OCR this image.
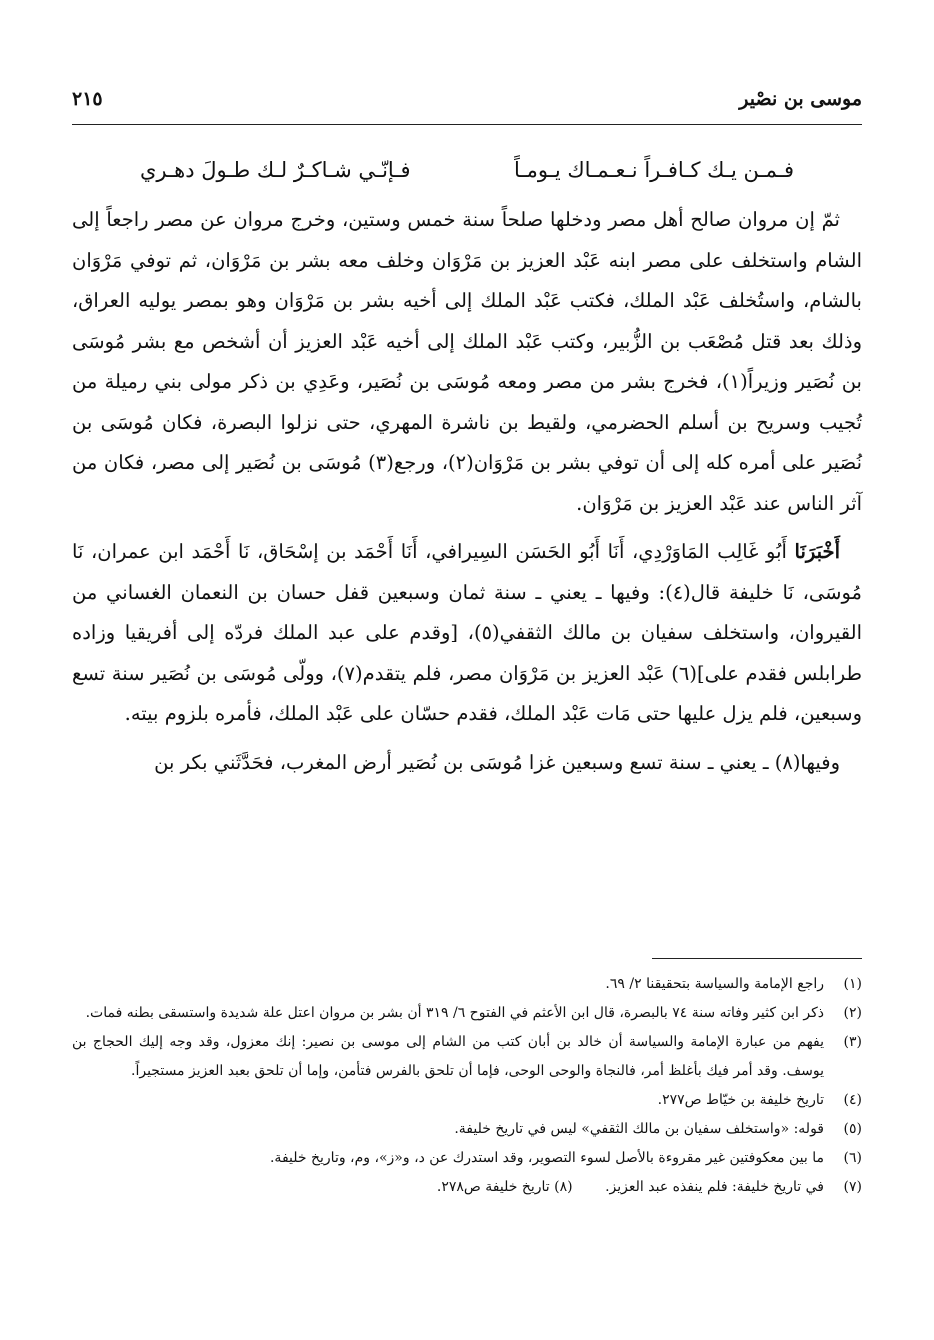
موسى بن نصْير
٢١٥
فـمـن يـك كـافـراً نـعـمـاك يـومـاً
فـإنّـي شـاكـرٌ لـك طـولَ دهـري

ثمّ إن مروان صالح أهل مصر ودخلها صلحاً سنة خمس وستين، وخرج مروان عن مصر راجعاً إلى الشام واستخلف على مصر ابنه عَبْد العزيز بن مَرْوَان وخلف معه بشر بن مَرْوَان، ثم توفي مَرْوَان بالشام، واستُخلف عَبْد الملك، فكتب عَبْد الملك إلى أخيه بشر بن مَرْوَان وهو بمصر يوليه العراق، وذلك بعد قتل مُصْعَب بن الزُّبير، وكتب عَبْد الملك إلى أخيه عَبْد العزيز أن أشخص مع بشر مُوسَى بن نُصَير وزيراً(١)، فخرج بشر من مصر ومعه مُوسَى بن نُصَير، وعَدِي بن ذكر مولى بني رميلة من تُجيب وسريح بن أسلم الحضرمي، ولقيط بن ناشرة المهري، حتى نزلوا البصرة، فكان مُوسَى بن نُصَير على أمره كله إلى أن توفي بشر بن مَرْوَان(٢)، ورجع(٣) مُوسَى بن نُصَير إلى مصر، فكان من آثر الناس عند عَبْد العزيز بن مَرْوَان.

أَخْبَرَنَا أَبُو غَالِب المَاوَرْدِي، أَنَا أَبُو الحَسَن السِيرافي، أَنَا أَحْمَد بن إسْحَاق، نَا أَحْمَد ابن عمران، نَا مُوسَى، نَا خليفة قال(٤): وفيها ـ يعني ـ سنة ثمان وسبعين قفل حسان بن النعمان الغساني من القيروان، واستخلف سفيان بن مالك الثقفي(٥)، [وقدم على عبد الملك فردّه إلى أفريقيا وزاده طرابلس فقدم على](٦) عَبْد العزيز بن مَرْوَان مصر، فلم يتقدم(٧)، وولّى مُوسَى بن نُصَير سنة تسع وسبعين، فلم يزل عليها حتى مَات عَبْد الملك، فقدم حسّان على عَبْد الملك، فأمره بلزوم بيته.

وفيها(٨) ـ يعني ـ سنة تسع وسبعين غزا مُوسَى بن نُصَير أرض المغرب، فحَدَّثَني بكر بن

(١)
راجع الإمامة والسياسة بتحقيقنا ٢/ ٦٩.
(٢)
ذكر ابن كثير وفاته سنة ٧٤ بالبصرة، قال ابن الأعثم في الفتوح ٦/ ٣١٩ أن بشر بن مروان اعتل علة شديدة واستسقى بطنه فمات.
(٣)
يفهم من عبارة الإمامة والسياسة أن خالد بن أبان كتب من الشام إلى موسى بن نصير: إنك معزول، وقد وجه إليك الحجاج بن يوسف. وقد أمر فيك بأغلظ أمر، فالنجاة والوحى الوحى، فإما أن تلحق بالفرس فتأمن، وإما أن تلحق بعبد العزيز مستجيراً.
(٤)
تاريخ خليفة بن خيّاط ص٢٧٧.
(٥)
قوله: «واستخلف سفيان بن مالك الثقفي» ليس في تاريخ خليفة.
(٦)
ما بين معكوفتين غير مقروءة بالأصل لسوء التصوير، وقد استدرك عن د، و«ز»، وم، وتاريخ خليفة.
(٧)
في تاريخ خليفة: فلم ينفذه عبد العزيز. (٨) تاريخ خليفة ص٢٧٨.
